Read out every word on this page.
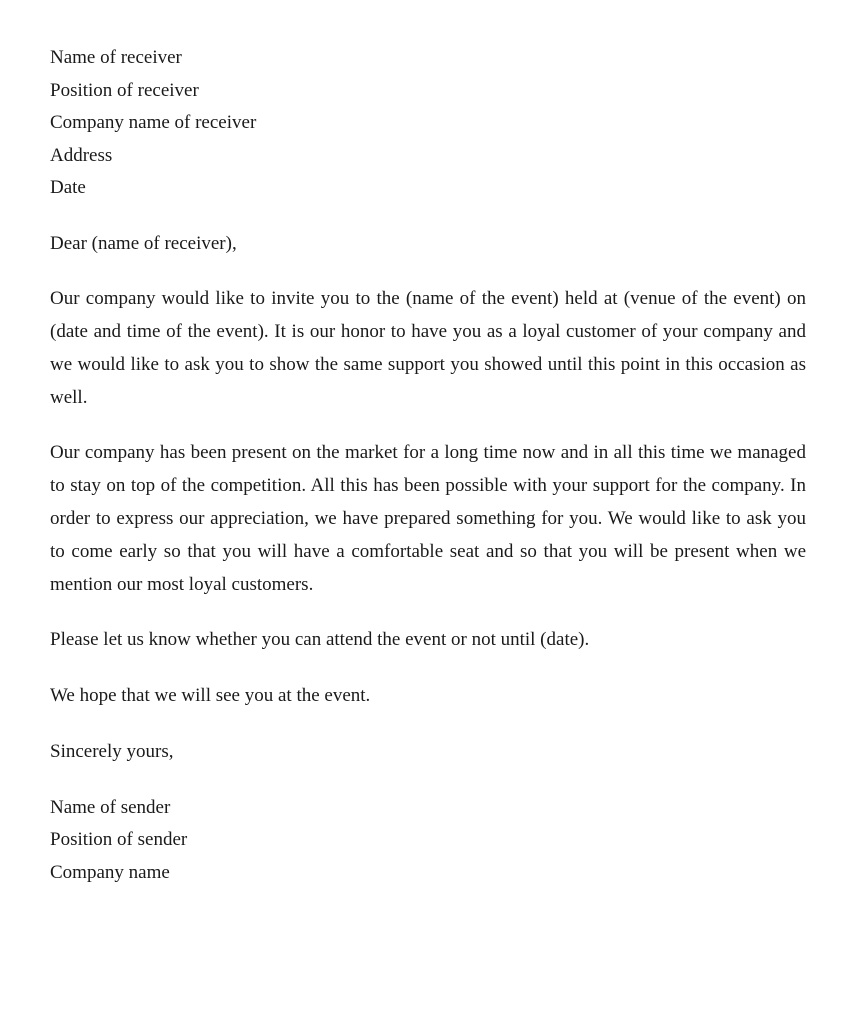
Name of receiver
Position of receiver
Company name of receiver
Address
Date
Dear (name of receiver),

Our company would like to invite you to the (name of the event) held at (venue of the event) on (date and time of the event). It is our honor to have you as a loyal customer of your company and we would like to ask you to show the same support you showed until this point in this occasion as well.

Our company has been present on the market for a long time now and in all this time we managed to stay on top of the competition. All this has been possible with your support for the company. In order to express our appreciation, we have prepared something for you. We would like to ask you to come early so that you will have a comfortable seat and so that you will be present when we mention our most loyal customers.

Please let us know whether you can attend the event or not until (date).

We hope that we will see you at the event.

Sincerely yours,
Name of sender
Position of sender
Company name
